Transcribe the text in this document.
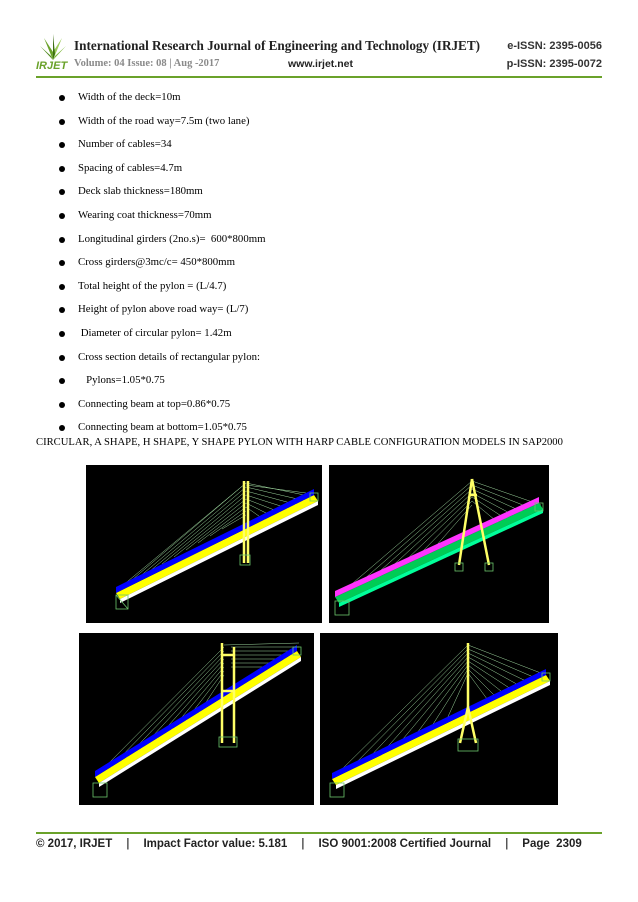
IRJET
International Research Journal of Engineering and Technology (IRJET) e-ISSN: 2395-0056
Volume: 04 Issue: 08 | Aug -2017	www.irjet.net	p-ISSN: 2395-0072
Width of the deck=10m
Width of the road way=7.5m (two lane)
Number of cables=34
Spacing of cables=4.7m
Deck slab thickness=180mm
Wearing coat thickness=70mm
Longitudinal girders (2no.s)=  600*800mm
Cross girders@3mc/c= 450*800mm
Total height of the pylon = (L/4.7)
Height of pylon above road way= (L/7)
Diameter of circular pylon= 1.42m
Cross section details of rectangular pylon:
Pylons=1.05*0.75
Connecting beam at top=0.86*0.75
Connecting beam at bottom=1.05*0.75
CIRCULAR, A SHAPE, H SHAPE, Y SHAPE PYLON WITH HARP CABLE CONFIGURATION MODELS IN SAP2000
© 2017, IRJET | Impact Factor value: 5.181 | ISO 9001:2008 Certified Journal | Page 2309
